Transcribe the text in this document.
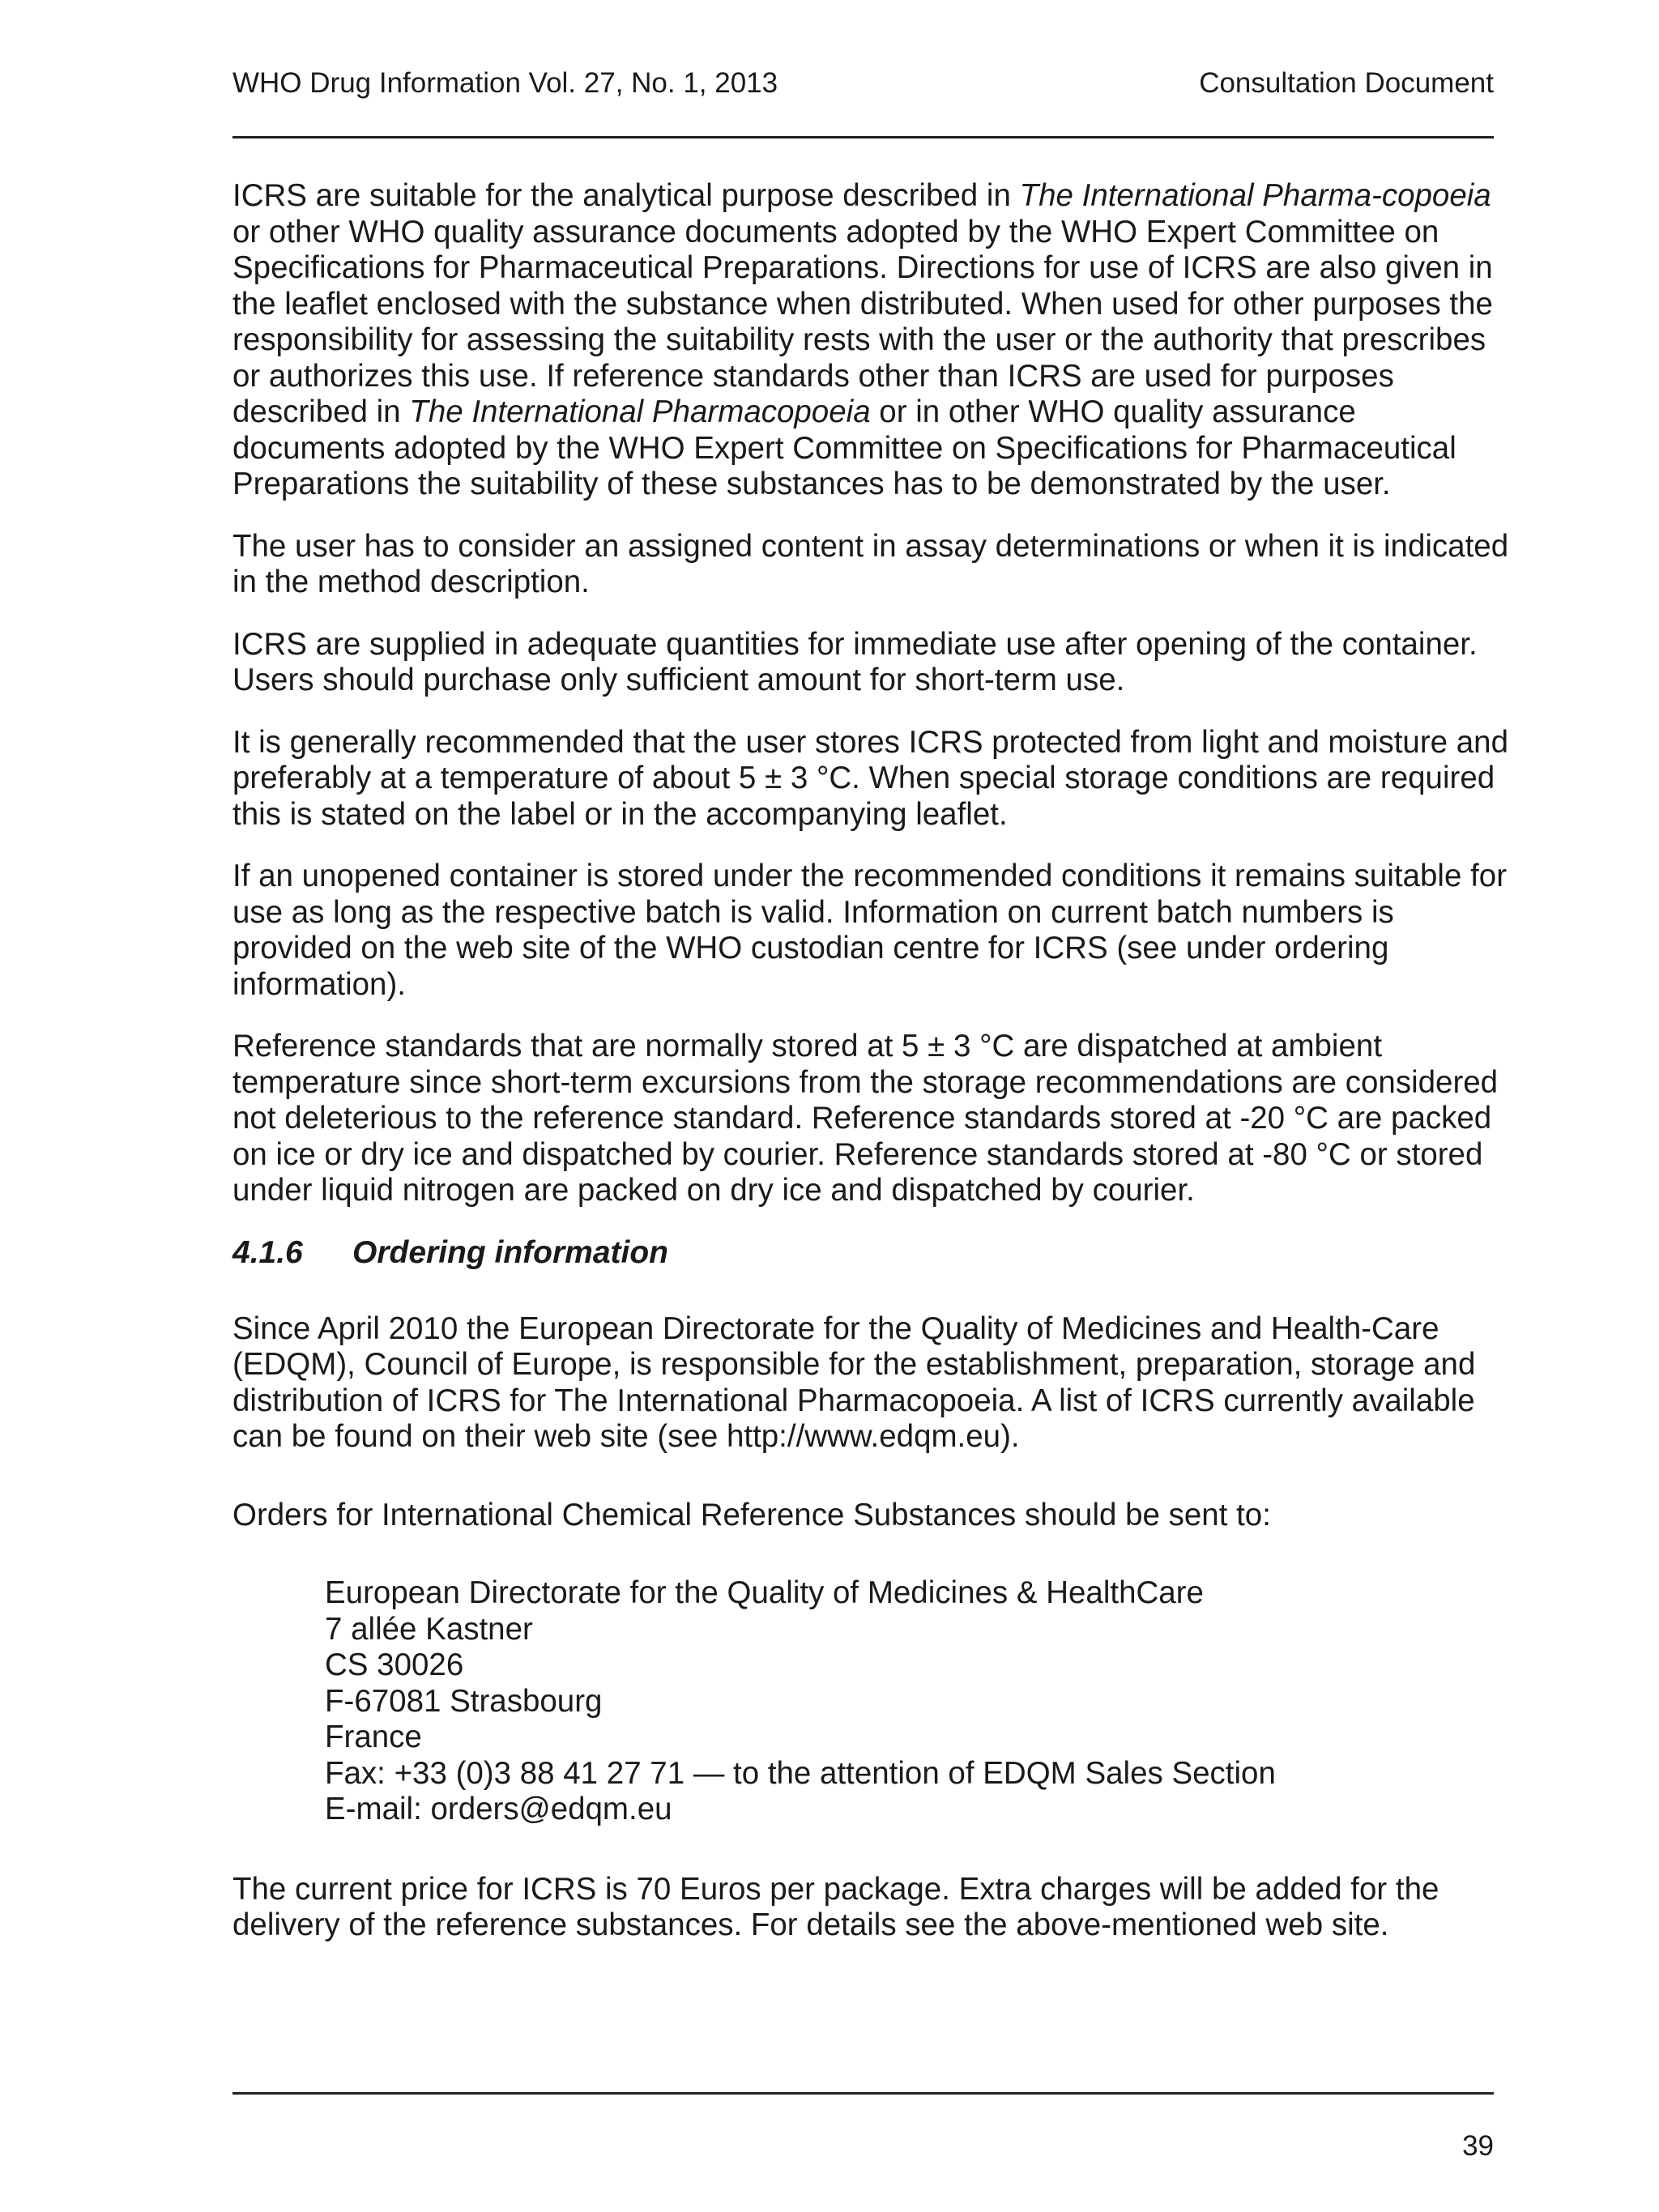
WHO Drug Information Vol. 27, No. 1, 2013	Consultation Document

ICRS are suitable for the analytical purpose described in The International Pharma-copoeia or other WHO quality assurance documents adopted by the WHO Expert Committee on Specifications for Pharmaceutical Preparations. Directions for use of ICRS are also given in the leaflet enclosed with the substance when distributed. When used for other purposes the responsibility for assessing the suitability rests with the user or the authority that prescribes or authorizes this use. If reference standards other than ICRS are used for purposes described in The International Pharmacopoeia or in other WHO quality assurance documents adopted by the WHO Expert Committee on Specifications for Pharmaceutical Preparations the suitability of these substances has to be demonstrated by the user.

The user has to consider an assigned content in assay determinations or when it is indicated in the method description.

ICRS are supplied in adequate quantities for immediate use after opening of the container. Users should purchase only sufficient amount for short-term use.

It is generally recommended that the user stores ICRS protected from light and moisture and preferably at a temperature of about 5 ± 3 °C. When special storage conditions are required this is stated on the label or in the accompanying leaflet.

If an unopened container is stored under the recommended conditions it remains suitable for use as long as the respective batch is valid. Information on current batch numbers is provided on the web site of the WHO custodian centre for ICRS (see under ordering information).

Reference standards that are normally stored at 5 ± 3 °C are dispatched at ambient temperature since short-term excursions from the storage recommendations are considered not deleterious to the reference standard. Reference standards stored at -20 °C are packed on ice or dry ice and dispatched by courier. Reference standards stored at -80 °C or stored under liquid nitrogen are packed on dry ice and dispatched by courier.

4.1.6 Ordering information

Since April 2010 the European Directorate for the Quality of Medicines and Health-Care (EDQM), Council of Europe, is responsible for the establishment, preparation, storage and distribution of ICRS for The International Pharmacopoeia. A list of ICRS currently available can be found on their web site (see http://www.edqm.eu).

Orders for International Chemical Reference Substances should be sent to:

European Directorate for the Quality of Medicines & HealthCare
7 allée Kastner
CS 30026
F-67081 Strasbourg
France
Fax: +33 (0)3 88 41 27 71 — to the attention of EDQM Sales Section
E-mail: orders@edqm.eu

The current price for ICRS is 70 Euros per package. Extra charges will be added for the delivery of the reference substances. For details see the above-mentioned web site.

39
